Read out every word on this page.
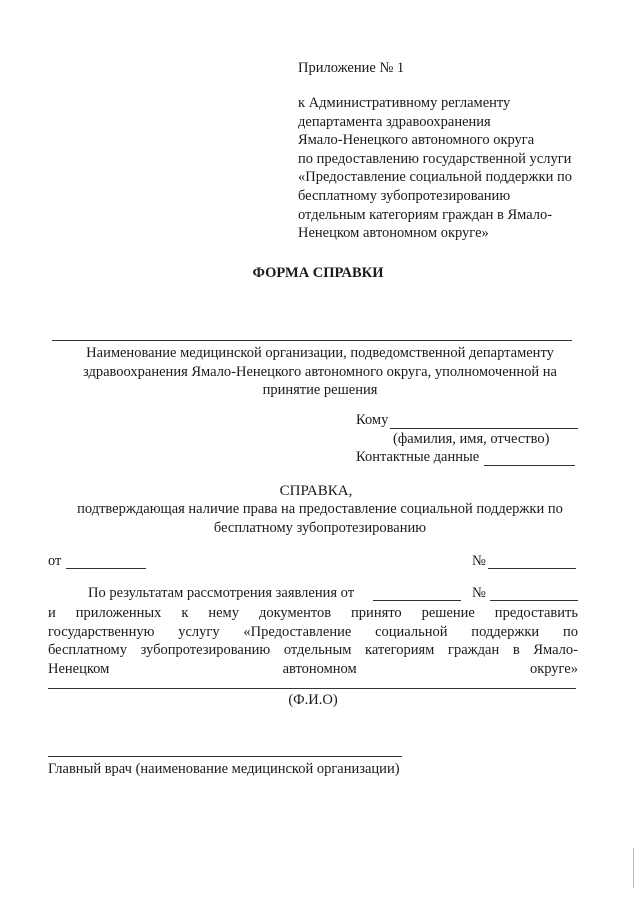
Приложение № 1
к Административному регламенту
департамента здравоохранения
Ямало-Ненецкого автономного округа
по предоставлению государственной услуги
«Предоставление социальной поддержки по
бесплатному зубопротезированию
отдельным категориям граждан в Ямало-
Ненецком автономном округе»
ФОРМА СПРАВКИ
Наименование медицинской организации, подведомственной департаменту
здравоохранения Ямало-Ненецкого автономного округа, уполномоченной на
принятие решения
Кому
(фамилия, имя, отчество)
Контактные данные
СПРАВКА,
подтверждающая наличие права на предоставление социальной поддержки по
бесплатному зубопротезированию
от	№
По результатам рассмотрения заявления от	№
и приложенных к нему документов принято решение предоставить
государственную услугу «Предоставление социальной поддержки по
бесплатному зубопротезированию отдельным категориям граждан в Ямало-
Ненецком автономном округе»
(Ф.И.О)
Главный врач (наименование медицинской организации)
